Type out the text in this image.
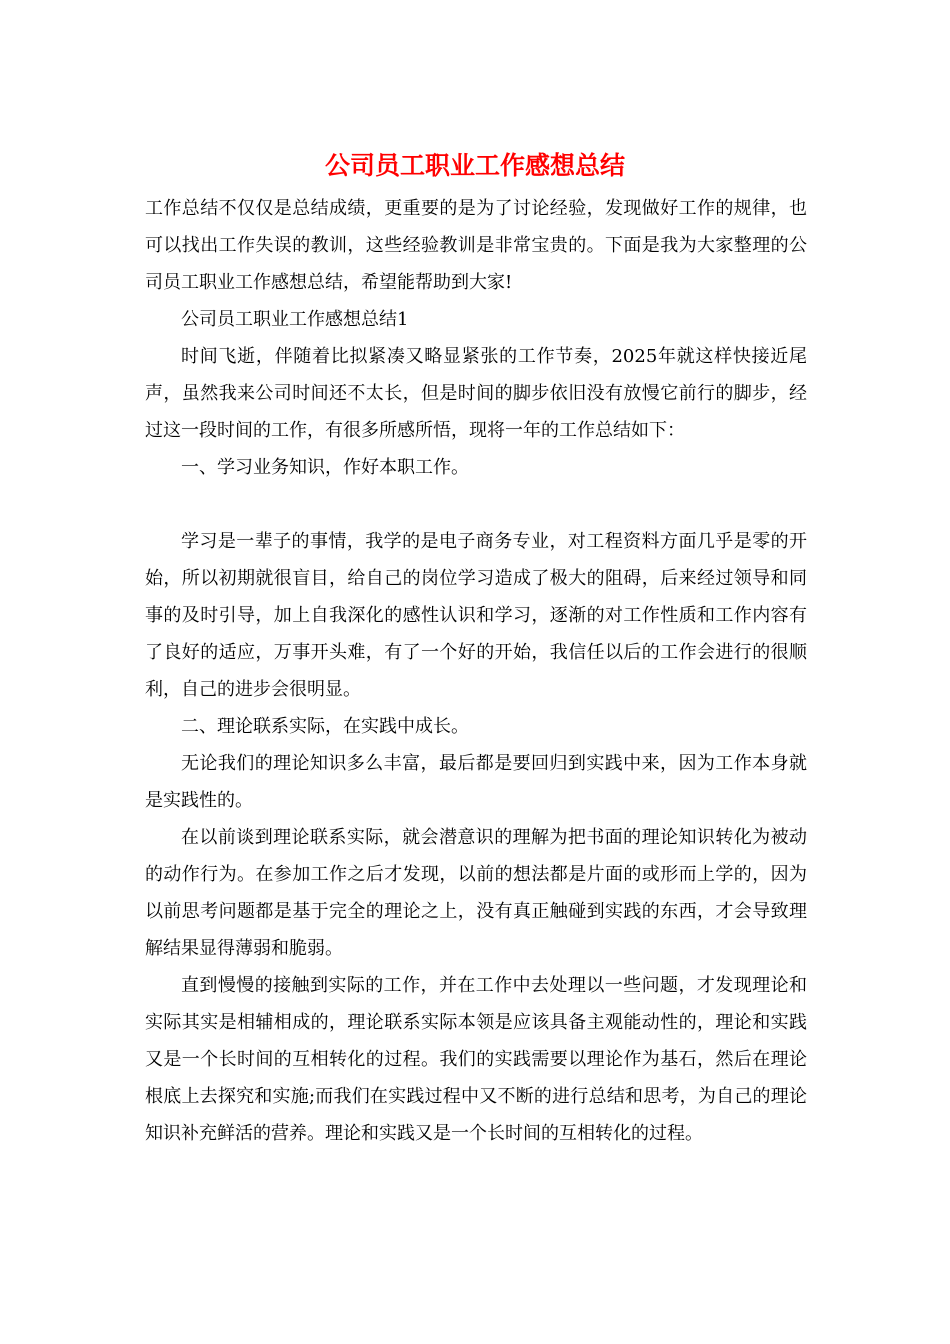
公司员工职业工作感想总结

工作总结不仅仅是总结成绩，更重要的是为了讨论经验，发现做好工作的规律，也可以找出工作失误的教训，这些经验教训是非常宝贵的。下面是我为大家整理的公司员工职业工作感想总结，希望能帮助到大家!

公司员工职业工作感想总结1

时间飞逝，伴随着比拟紧凑又略显紧张的工作节奏，2025年就这样快接近尾声，虽然我来公司时间还不太长，但是时间的脚步依旧没有放慢它前行的脚步，经过这一段时间的工作，有很多所感所悟，现将一年的工作总结如下：

一、学习业务知识，作好本职工作。

学习是一辈子的事情，我学的是电子商务专业，对工程资料方面几乎是零的开始，所以初期就很盲目，给自己的岗位学习造成了极大的阻碍，后来经过领导和同事的及时引导，加上自我深化的感性认识和学习，逐渐的对工作性质和工作内容有了良好的适应，万事开头难，有了一个好的开始，我信任以后的工作会进行的很顺利，自己的进步会很明显。

二、理论联系实际，在实践中成长。

无论我们的理论知识多么丰富，最后都是要回归到实践中来，因为工作本身就是实践性的。

在以前谈到理论联系实际，就会潜意识的理解为把书面的理论知识转化为被动的动作行为。在参加工作之后才发现，以前的想法都是片面的或形而上学的，因为以前思考问题都是基于完全的理论之上，没有真正触碰到实践的东西，才会导致理解结果显得薄弱和脆弱。

直到慢慢的接触到实际的工作，并在工作中去处理以一些问题，才发现理论和实际其实是相辅相成的，理论联系实际本领是应该具备主观能动性的，理论和实践又是一个长时间的互相转化的过程。我们的实践需要以理论作为基石，然后在理论根底上去探究和实施;而我们在实践过程中又不断的进行总结和思考，为自己的理论知识补充鲜活的营养。理论和实践又是一个长时间的互相转化的过程。
